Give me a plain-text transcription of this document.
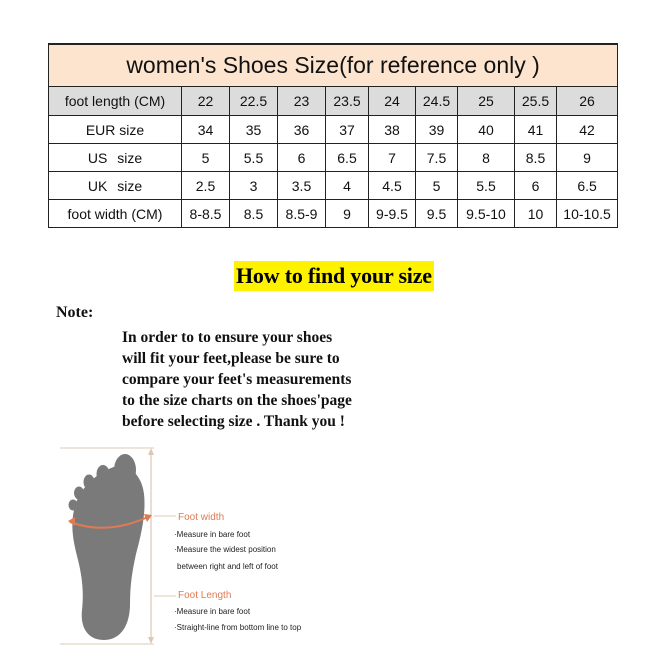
women's Shoes Size(for reference only )									
foot length (CM)	22	22.5	23	23.5	24	24.5	25	25.5	26
EUR size	34	35	36	37	38	39	40	41	42
US size	5	5.5	6	6.5	7	7.5	8	8.5	9
UK size	2.5	3	3.5	4	4.5	5	5.5	6	6.5
foot width (CM)	8-8.5	8.5	8.5-9	9	9-9.5	9.5	9.5-10	10	10-10.5
How to find your size
Note:
In order to to ensure your shoes
will fit your feet,please be sure to
compare your feet's measurements
to the size charts on the shoes'page
before selecting size . Thank you !
Foot width
·Measure in bare foot
·Measure the widest position
between right and left of foot
Foot Length
·Measure in bare foot
·Straight-line from bottom line to top
